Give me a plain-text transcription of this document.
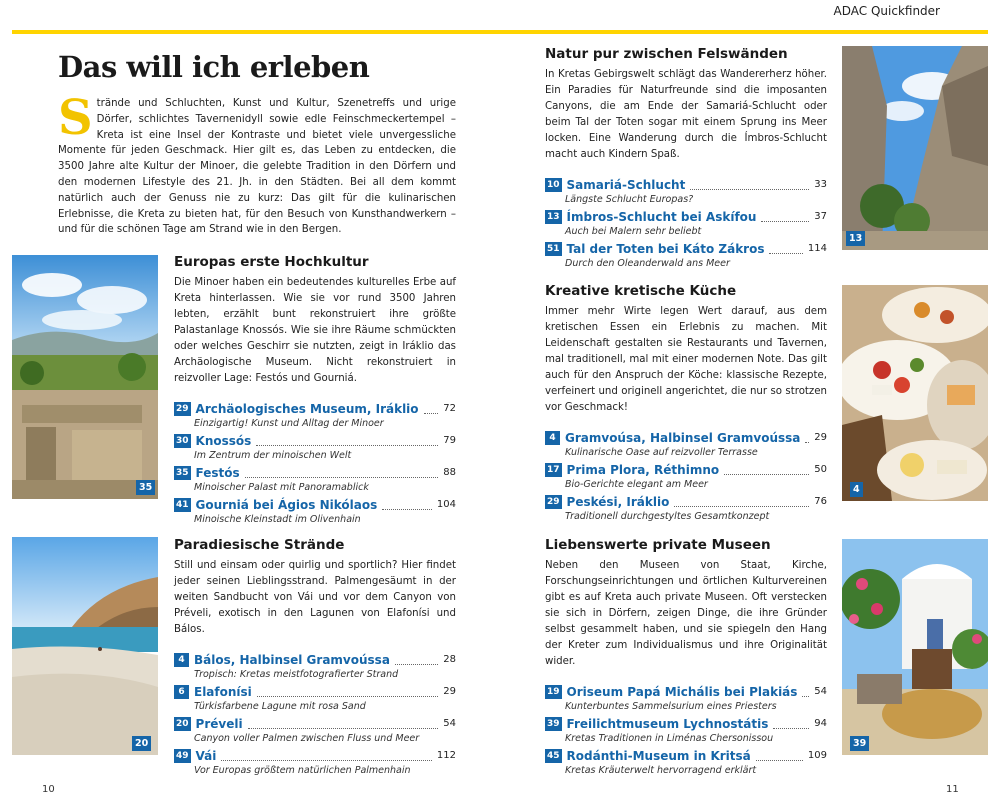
ADAC Quickfinder
Das will ich erleben
Strände und Schluchten, Kunst und Kultur, Szenetreffs und urige Dörfer, schlichtes Tavernenidyll sowie edle Feinschmeckertempel – Kreta ist eine Insel der Kontraste und bietet viele unvergessliche Momente für jeden Geschmack. Hier gilt es, das Leben zu entdecken, die 3500 Jahre alte Kultur der Minoer, die gelebte Tradition in den Dörfern und den modernen Lifestyle des 21. Jh. in den Städten. Bei all dem kommt natürlich auch der Genuss nie zu kurz: Das gilt für die kulinarischen Erlebnisse, die Kreta zu bieten hat, für den Besuch von Kunsthandwerkern – und für die schönen Tage am Strand wie in den Bergen.
35
Europas erste Hochkultur

Die Minoer haben ein bedeutendes kulturelles Erbe auf Kreta hinterlassen. Wie sie vor rund 3500 Jahren lebten, erzählt bunt rekonstruiert ihre größte Palastanlage Knossós. Wie sie ihre Räume schmückten oder welches Geschirr sie nutzten, zeigt in Iráklio das Archäologische Museum. Nicht rekonstruiert in reizvoller Lage: Festós und Gourniá.

29 Archäologisches Museum, Iráklio 72
Einzigartig! Kunst und Alltag der Minoer
30 Knossós	79
Im Zentrum der minoischen Welt
35 Festós	88
Minoischer Palast mit Panoramablick
41 Gourniá bei Ágios Nikólaos	104
Minoische Kleinstadt im Olivenhain
20
Paradiesische Strände

Still und einsam oder quirlig und sportlich? Hier findet jeder seinen Lieblingsstrand. Palmengesäumt in der weiten Sandbucht von Vái und vor dem Canyon von Préveli, exotisch in den Lagunen von Elafonísi und Bálos.

4 Bálos, Halbinsel Gramvoússa	28
Tropisch: Kretas meistfotografierter Strand
6 Elafonísi	29
Türkisfarbene Lagune mit rosa Sand
20 Préveli	54
Canyon voller Palmen zwischen Fluss und Meer
49 Vái	112
Vor Europas größtem natürlichen Palmenhain
Natur pur zwischen Felswänden

In Kretas Gebirgswelt schlägt das Wandererherz höher. Ein Paradies für Naturfreunde sind die imposanten Canyons, die am Ende der Samariá-Schlucht oder beim Tal der Toten sogar mit einem Sprung ins Meer locken. Eine Wanderung durch die Ímbros-Schlucht macht auch Kindern Spaß.

10 Samariá-Schlucht	33
Längste Schlucht Europas?
13 Ímbros-Schlucht bei Askífou	37
Auch bei Malern sehr beliebt
51 Tal der Toten bei Káto Zákros	114
Durch den Oleanderwald ans Meer
13
Kreative kretische Küche

Immer mehr Wirte legen Wert darauf, aus dem kretischen Essen ein Erlebnis zu machen. Mit Leidenschaft gestalten sie Restaurants und Tavernen, mal traditionell, mal mit einer modernen Note. Das gilt auch für den Anspruch der Köche: klassische Rezepte, verfeinert und originell angerichtet, die nur so strotzen vor Geschmack!

4 Gramvoúsa, Halbinsel Gramvoússa 29
Kulinarische Oase auf reizvoller Terrasse
17 Prima Plora, Réthimno	50
Bio-Gerichte elegant am Meer
29 Peskési, Iráklio	76
Traditionell durchgestyltes Gesamtkonzept
4
Liebenswerte private Museen

Neben den Museen von Staat, Kirche, Forschungseinrichtungen und örtlichen Kulturvereinen gibt es auf Kreta auch private Museen. Oft verstecken sie sich in Dörfern, zeigen Dinge, die ihre Gründer selbst gesammelt haben, und sie spiegeln den Hang der Kreter zum Individualismus und ihre Originalität wider.

19 Oriseum Papá Michális bei Plakiás 54
Kunterbuntes Sammelsurium eines Priesters
39 Freilichtmuseum Lychnostátis	94
Kretas Traditionen in Liménas Chersonissou
45 Rodánthi-Museum in Kritsá	109
Kretas Kräuterwelt hervorragend erklärt
39
10	11
